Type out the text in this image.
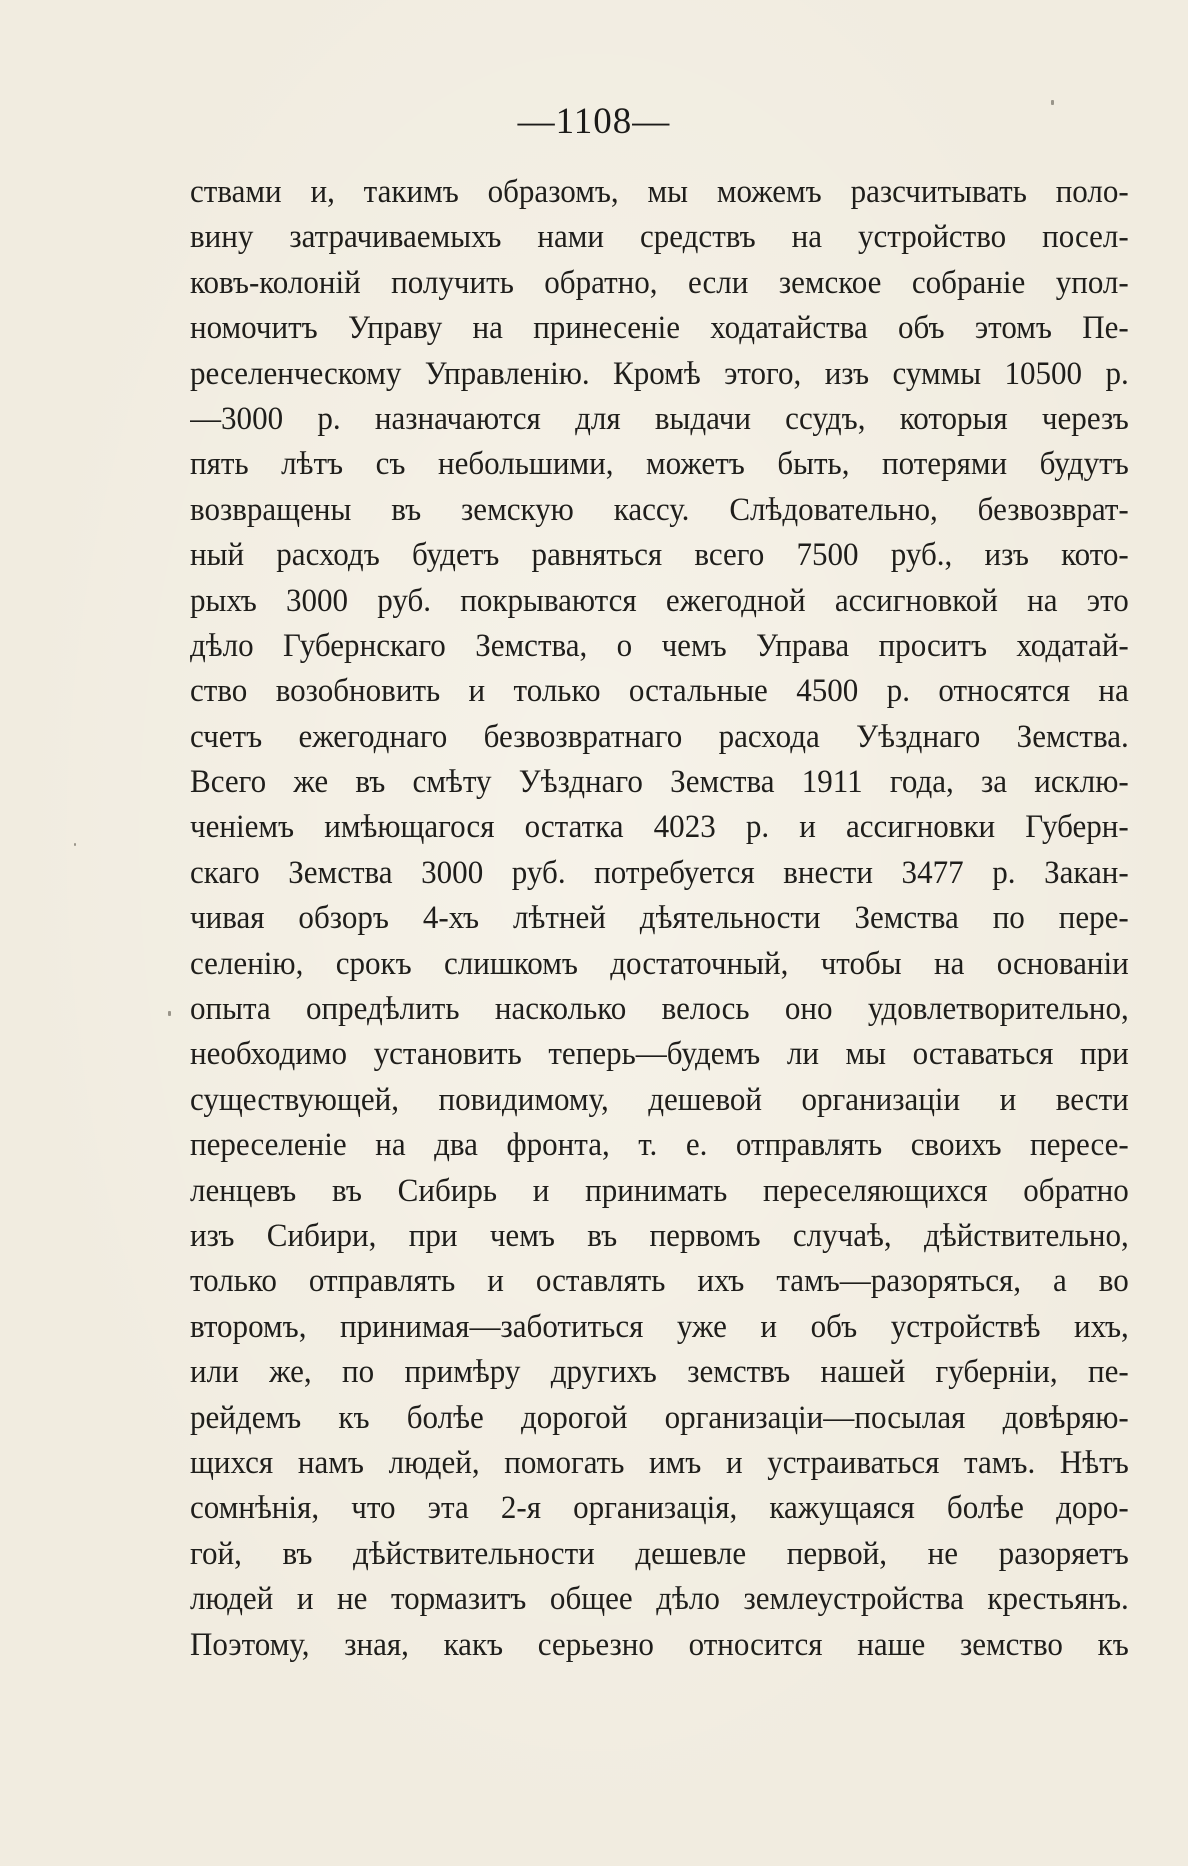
—1108—
ствами и, такимъ образомъ, мы можемъ разсчитывать поло-
вину затрачиваемыхъ нами средствъ на устройство посел-
ковъ-колоній получить обратно, если земское собраніе упол-
номочитъ Управу на принесеніе ходатайства объ этомъ Пе-
реселенческому Управленію. Кромѣ этого, изъ суммы 10500 р.
—3000 р. назначаются для выдачи ссудъ, которыя черезъ
пять лѣтъ съ небольшими, можетъ быть, потерями будутъ
возвращены въ земскую кассу. Слѣдовательно, безвозврат-
ный расходъ будетъ равняться всего 7500 руб., изъ кото-
рыхъ 3000 руб. покрываются ежегодной ассигновкой на это
дѣло Губернскаго Земства, о чемъ Управа проситъ ходатай-
ство возобновить и только остальные 4500 р. относятся на
счетъ ежегоднаго безвозвратнаго расхода Уѣзднаго Земства.
Всего же въ смѣту Уѣзднаго Земства 1911 года, за исклю-
ченіемъ имѣющагося остатка 4023 р. и ассигновки Губерн-
скаго Земства 3000 руб. потребуется внести 3477 р. Закан-
чивая обзоръ 4-хъ лѣтней дѣятельности Земства по пере-
селенію, срокъ слишкомъ достаточный, чтобы на основаніи
опыта опредѣлить насколько велось оно удовлетворительно,
необходимо установить теперь—будемъ ли мы оставаться при
существующей, повидимому, дешевой организаціи и вести
переселеніе на два фронта, т. е. отправлять своихъ пересе-
ленцевъ въ Сибирь и принимать переселяющихся обратно
изъ Сибири, при чемъ въ первомъ случаѣ, дѣйствительно,
только отправлять и оставлять ихъ тамъ—разоряться, а во
второмъ, принимая—заботиться уже и объ устройствѣ ихъ,
или же, по примѣру другихъ земствъ нашей губерніи, пе-
рейдемъ къ болѣе дорогой организаціи—посылая довѣряю-
щихся намъ людей, помогать имъ и устраиваться тамъ. Нѣтъ
сомнѣнія, что эта 2-я организація, кажущаяся болѣе доро-
гой, въ дѣйствительности дешевле первой, не разоряетъ
людей и не тормазитъ общее дѣло землеустройства крестьянъ.
Поэтому, зная, какъ серьезно относится наше земство къ
